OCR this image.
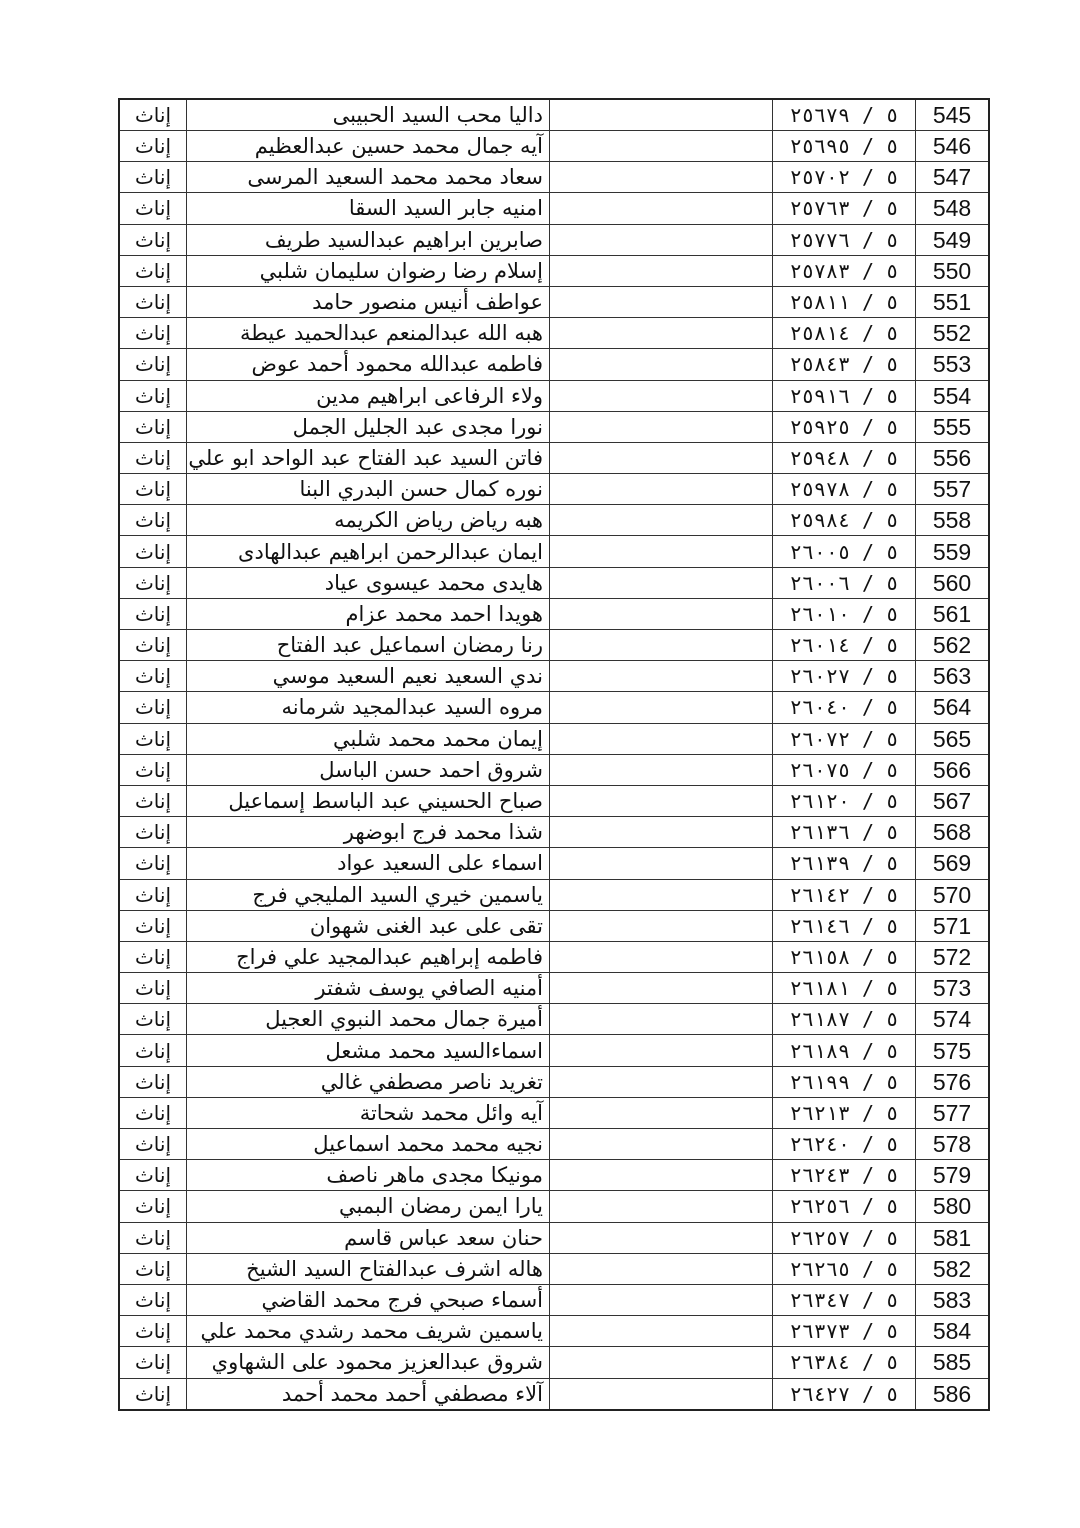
إناث	داليا محب السيد الحبيبى		٥ / ٢٥٦٧٩	545
إناث	آيه جمال محمد حسين عبدالعظيم		٥ / ٢٥٦٩٥	546
إناث	سعاد محمد محمد السعيد المرسى		٥ / ٢٥٧٠٢	547
إناث	امنيه جابر السيد السقا		٥ / ٢٥٧٦٣	548
إناث	صابرين ابراهيم عبدالسيد طريف		٥ / ٢٥٧٧٦	549
إناث	إسلام رضا رضوان سليمان شلبي		٥ / ٢٥٧٨٣	550
إناث	عواطف أنيس منصور حامد		٥ / ٢٥٨١١	551
إناث	هبه الله عبدالمنعم عبدالحميد عيطة		٥ / ٢٥٨١٤	552
إناث	فاطمه عبدالله محمود أحمد عوض		٥ / ٢٥٨٤٣	553
إناث	ولاء الرفاعى ابراهيم مدين		٥ / ٢٥٩١٦	554
إناث	نورا مجدى عبد الجليل الجمل		٥ / ٢٥٩٢٥	555
إناث	فاتن السيد عبد الفتاح عبد الواحد ابو علي		٥ / ٢٥٩٤٨	556
إناث	نوره كمال حسن البدري البنا		٥ / ٢٥٩٧٨	557
إناث	هبه رياض رياض الكريمه		٥ / ٢٥٩٨٤	558
إناث	ايمان عبدالرحمن ابراهيم عبدالهادى		٥ / ٢٦٠٠٥	559
إناث	هايدى محمد عيسوى عياد		٥ / ٢٦٠٠٦	560
إناث	هويدا احمد محمد عزام		٥ / ٢٦٠١٠	561
إناث	رنا رمضان اسماعيل عبد الفتاح		٥ / ٢٦٠١٤	562
إناث	ندي السعيد نعيم السعيد موسي		٥ / ٢٦٠٢٧	563
إناث	مروه السيد عبدالمجيد شرمانه		٥ / ٢٦٠٤٠	564
إناث	إيمان محمد محمد شلبي		٥ / ٢٦٠٧٢	565
إناث	شروق احمد حسن الباسل		٥ / ٢٦٠٧٥	566
إناث	صباح الحسيني عبد الباسط إسماعيل		٥ / ٢٦١٢٠	567
إناث	شذا محمد فرج ابوضهر		٥ / ٢٦١٣٦	568
إناث	اسماء على السعيد عواد		٥ / ٢٦١٣٩	569
إناث	ياسمين خيري السيد المليجي فرج		٥ / ٢٦١٤٢	570
إناث	تقى على عبد الغنى شهوان		٥ / ٢٦١٤٦	571
إناث	فاطمه إبراهيم عبدالمجيد علي فراج		٥ / ٢٦١٥٨	572
إناث	أمنيه الصافي يوسف شفتر		٥ / ٢٦١٨١	573
إناث	أميرة جمال محمد النبوي العجيل		٥ / ٢٦١٨٧	574
إناث	اسماءالسيد محمد مشعل		٥ / ٢٦١٨٩	575
إناث	تغريد ناصر مصطفي غالي		٥ / ٢٦١٩٩	576
إناث	آيه وائل محمد شحاتة		٥ / ٢٦٢١٣	577
إناث	نجيه محمد محمد اسماعيل		٥ / ٢٦٢٤٠	578
إناث	مونيكا مجدى ماهر ناصف		٥ / ٢٦٢٤٣	579
إناث	يارا ايمن رمضان البمبي		٥ / ٢٦٢٥٦	580
إناث	حنان سعد عباس قاسم		٥ / ٢٦٢٥٧	581
إناث	هاله اشرف عبدالفتاح السيد الشيخ		٥ / ٢٦٢٦٥	582
إناث	أسماء صبحي فرج محمد القاضي		٥ / ٢٦٣٤٧	583
إناث	ياسمين شريف محمد رشدي محمد علي		٥ / ٢٦٣٧٣	584
إناث	شروق عبدالعزيز محمود على الشهاوي		٥ / ٢٦٣٨٤	585
إناث	آلاء مصطفي أحمد محمد أحمد		٥ / ٢٦٤٢٧	586
